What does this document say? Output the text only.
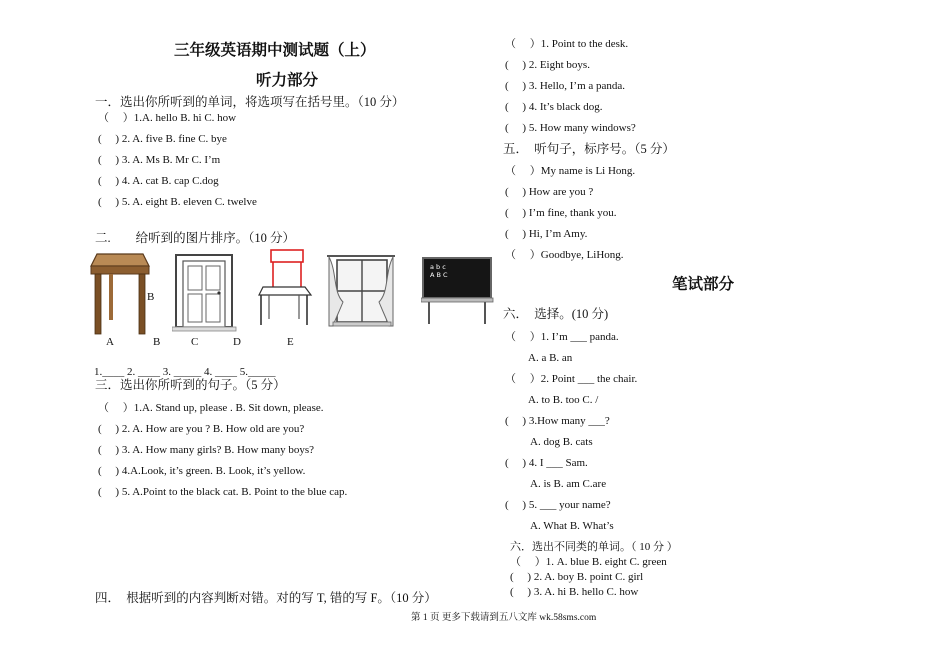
三年级英语期中测试题（上）
听力部分
一．选出你所听到的单词，将选项写在括号里。（10 分）
（　 ）1.A. hello B. hi C. how
(　 ) 2. A. five B. fine C. bye
(　 ) 3. A. Ms B. Mr C. I’m
(　 ) 4. A. cat B. cap C.dog
(　 ) 5. A. eight B. eleven C. twelve
二.　　给听到的图片排序。（10 分）
B
a b c
A B C
A	B	C	D	E
1.____ 2. ____ 3. _____ 4. ____ 5._____
三．选出你所听到的句子。（5 分）
（　 ）1.A. Stand up, please . B. Sit down, please.
(　 ) 2. A. How are you ? B. How old are you?
(　 ) 3. A. How many girls? B. How many boys?
(　 ) 4.A.Look, it’s green. B. Look, it’s yellow.
(　 ) 5. A.Point to the black cat. B. Point to the blue cap.
四．　根据听到的内容判断对错。对的写 T, 错的写 F。（10 分）
（　 ）1. Point to the desk.
(　 ) 2. Eight boys.
(　 ) 3. Hello, I’m a panda.
(　 ) 4. It’s black dog.
(　 ) 5. How many windows?
五．　听句子，标序号。（5 分）
（　 ）My name is Li Hong.
(　 ) How are you ?
(　 ) I’m fine, thank you.
(　 ) Hi, I’m Amy.
（　 ）Goodbye, LiHong.
笔试部分
六．　选择。(10 分)
（　 ）1. I’m ___ panda.
A. a B. an
（　 ）2. Point ___ the chair.
A. to B. too C. /
(　 ) 3.How many ___?
A. dog B. cats
(　 ) 4. I ___ Sam.
A. is B. am C.are
(　 ) 5. ___ your name?
A. What B. What’s
六．选出不同类的单词。（ 10 分 ）
（　 ）1. A. blue B. eight C. green
(　 ) 2. A. boy B. point C. girl
(　 ) 3. A. hi B. hello C. how
第 1 页 更多下载请到五八文库 wk.58sms.com
